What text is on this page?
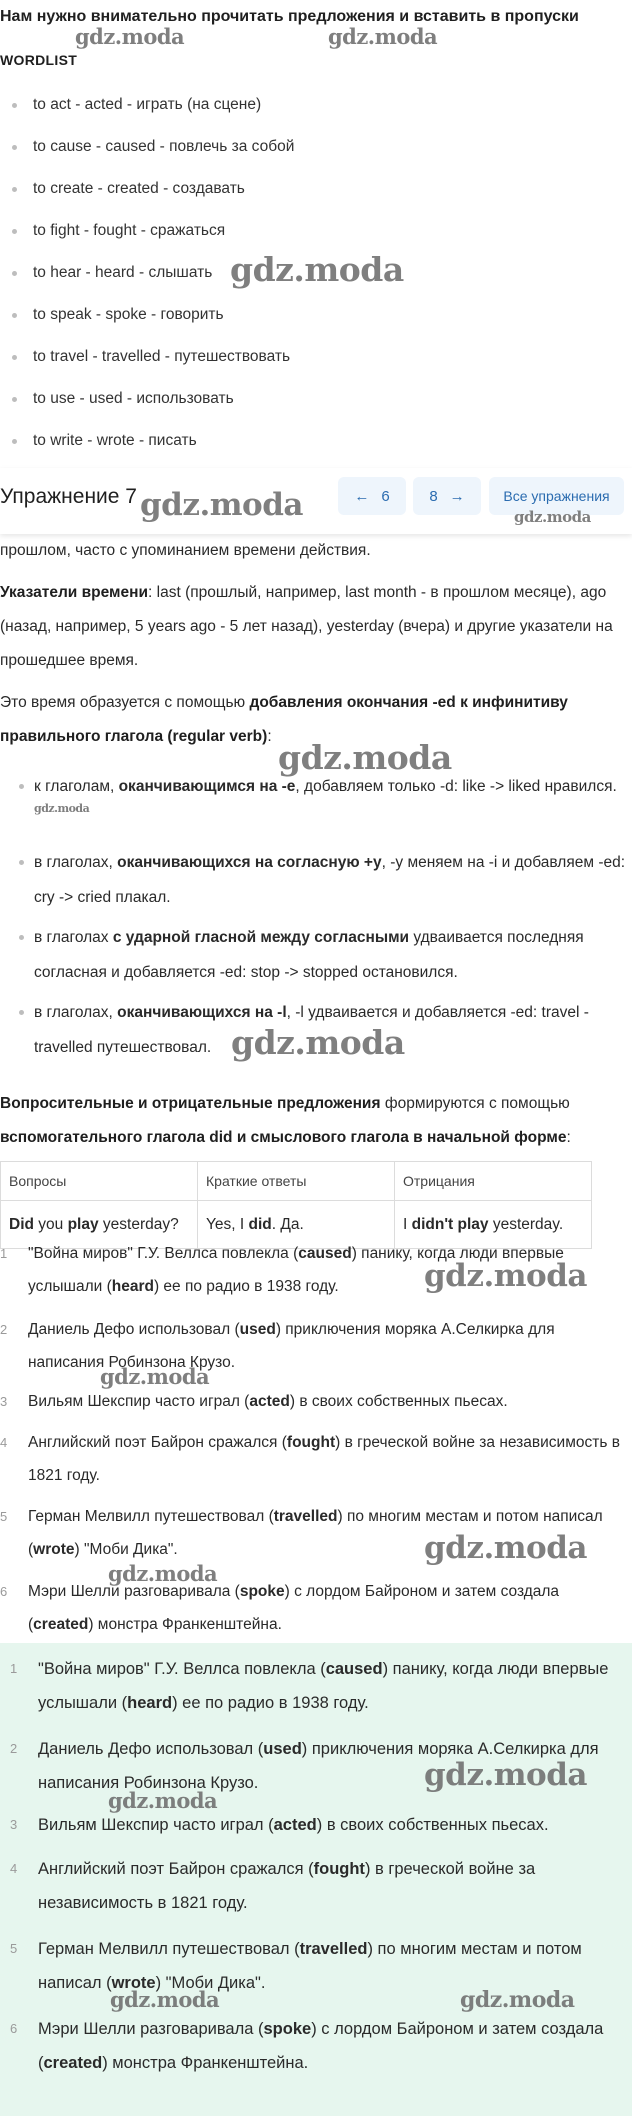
Нам нужно внимательно прочитать предложения и вставить в пропуски
WORDLIST
to act - acted - играть (на сцене)
to cause - caused - повлечь за собой
to create - created - создавать
to fight - fought - сражаться
to hear - heard - слышать
to speak - spoke - говорить
to travel - travelled - путешествовать
to use - used - использовать
to write - wrote - писать
прошлом, часто с упоминанием времени действия.
Упражнение 7	← 6	8 →	Все упражнения
Указатели времени: last (прошлый, например, last month - в прошлом месяце), ago (назад, например, 5 years ago - 5 лет назад), yesterday (вчера) и другие указатели на прошедшее время.
Это время образуется с помощью добавления окончания -ed к инфинитиву правильного глагола (regular verb):
к глаголам, оканчивающимся на -e, добавляем только -d: like -> liked нравился.
в глаголах, оканчивающихся на согласную +y, -y меняем на -i и добавляем -ed: cry -> cried плакал.
в глаголах с ударной гласной между согласными удваивается последняя согласная и добавляется -ed: stop -> stopped остановился.
в глаголах, оканчивающихся на -l, -l удваивается и добавляется -ed: travel - travelled путешествовал.
Вопросительные и отрицательные предложения формируются с помощью вспомогательного глагола did и смыслового глагола в начальной форме:
Вопросы	Краткие ответы	Отрицания
Did you play yesterday?	Yes, I did. Да.	I didn't play yesterday.
1 "Война миров" Г.У. Веллса повлекла (caused) панику, когда люди впервые услышали (heard) ее по радио в 1938 году.
2 Даниель Дефо использовал (used) приключения моряка А.Селкирка для написания Робинзона Крузо.
3 Вильям Шекспир часто играл (acted) в своих собственных пьесах.
4 Английский поэт Байрон сражался (fought) в греческой войне за независимость в 1821 году.
5 Герман Мелвилл путешествовал (travelled) по многим местам и потом написал (wrote) "Моби Дика".
6 Мэри Шелли разговаривала (spoke) с лордом Байроном и затем создала (created) монстра Франкенштейна.
1 "Война миров" Г.У. Веллса повлекла (caused) панику, когда люди впервые услышали (heard) ее по радио в 1938 году.
2 Даниель Дефо использовал (used) приключения моряка А.Селкирка для написания Робинзона Крузо.
3 Вильям Шекспир часто играл (acted) в своих собственных пьесах.
4 Английский поэт Байрон сражался (fought) в греческой войне за независимость в 1821 году.
5 Герман Мелвилл путешествовал (travelled) по многим местам и потом написал (wrote) "Моби Дика".
6 Мэри Шелли разговаривала (spoke) с лордом Байроном и затем создала (created) монстра Франкенштейна.
gdz.moda	gdz.moda
gdz.moda
gdz.moda	gdz.moda
gdz.moda
gdz.moda
gdz.moda
gdz.moda
gdz.moda
gdz.moda
gdz.moda
gdz.moda
gdz.moda
gdz.moda	gdz.moda
